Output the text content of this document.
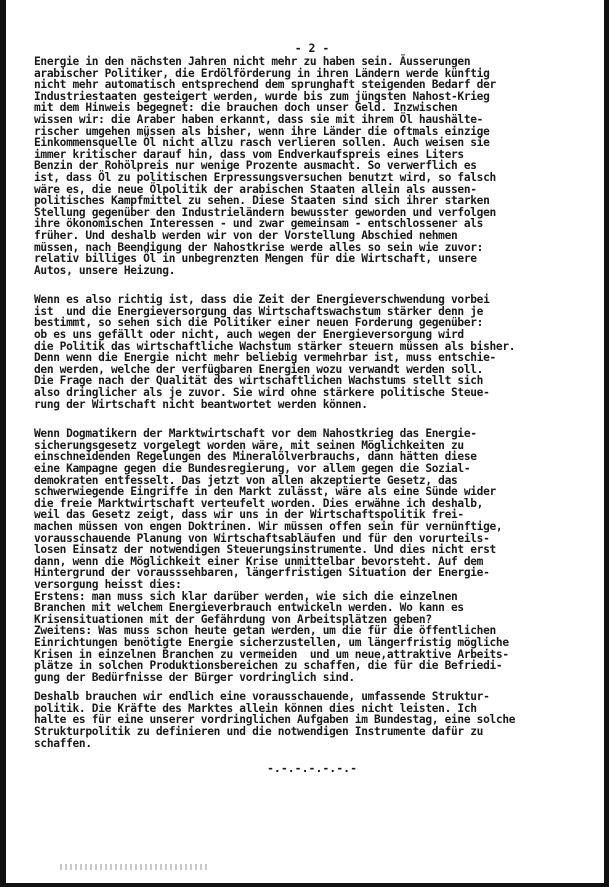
- 2 -
Energie in den nächsten Jahren nicht mehr zu haben sein. Äusserungen
arabischer Politiker, die Erdölförderung in ihren Ländern werde künftig
nicht mehr automatisch entsprechend dem sprunghaft steigenden Bedarf der
Industriestaaten gesteigert werden, wurde bis zum jüngsten Nahost-Krieg
mit dem Hinweis begegnet: die brauchen doch unser Geld. Inzwischen
wissen wir: die Araber haben erkannt, dass sie mit ihrem Öl haushälte-
rischer umgehen müssen als bisher, wenn ihre Länder die oftmals einzige
Einkommensquelle Öl nicht allzu rasch verlieren sollen. Auch weisen sie
immer kritischer darauf hin, dass vom Endverkaufspreis eines Liters
Benzin der Rohölpreis nur wenige Prozente ausmacht. So verwerflich es
ist, dass Öl zu politischen Erpressungsversuchen benutzt wird, so falsch
wäre es, die neue Ölpolitik der arabischen Staaten allein als aussen-
politisches Kampfmittel zu sehen. Diese Staaten sind sich ihrer starken
Stellung gegenüber den Industrieländern bewusster geworden und verfolgen
ihre ökonomischen Interessen - und zwar gemeinsam - entschlossener als
früher. Und deshalb werden wir von der Vorstellung Abschied nehmen
müssen, nach Beendigung der Nahostkrise werde alles so sein wie zuvor:
relativ billiges Öl in unbegrenzten Mengen für die Wirtschaft, unsere
Autos, unsere Heizung.
Wenn es also richtig ist, dass die Zeit der Energieverschwendung vorbei
ist  und die Energieversorgung das Wirtschaftswachstum stärker denn je
bestimmt, so sehen sich die Politiker einer neuen Forderung gegenüber:
ob es uns gefällt oder nicht, auch wegen der Energieversorgung wird
die Politik das wirtschaftliche Wachstum stärker steuern müssen als bisher.
Denn wenn die Energie nicht mehr beliebig vermehrbar ist, muss entschie-
den werden, welche der verfügbaren Energien wozu verwandt werden soll.
Die Frage nach der Qualität des wirtschaftlichen Wachstums stellt sich
also dringlicher als je zuvor. Sie wird ohne stärkere politische Steue-
rung der Wirtschaft nicht beantwortet werden können.
Wenn Dogmatikern der Marktwirtschaft vor dem Nahostkrieg das Energie-
sicherungsgesetz vorgelegt worden wäre, mit seinen Möglichkeiten zu
einschneidenden Regelungen des Mineralölverbrauchs, dann hätten diese
eine Kampagne gegen die Bundesregierung, vor allem gegen die Sozial-
demokraten entfesselt. Das jetzt von allen akzeptierte Gesetz, das
schwerwiegende Eingriffe in den Markt zulässt, wäre als eine Sünde wider
die freie Marktwirtschaft verteufelt worden. Dies erwähne ich deshalb,
weil das Gesetz zeigt, dass wir uns in der Wirtschaftspolitik frei-
machen müssen von engen Doktrinen. Wir müssen offen sein für vernünftige,
vorausschauende Planung von Wirtschaftsabläufen und für den vorurteils-
losen Einsatz der notwendigen Steuerungsinstrumente. Und dies nicht erst
dann, wenn die Möglichkeit einer Krise unmittelbar bevorsteht. Auf dem
Hintergrund der vorausssehbaren, längerfristigen Situation der Energie-
versorgung heisst dies:
Erstens: man muss sich klar darüber werden, wie sich die einzelnen
Branchen mit welchem Energieverbrauch entwickeln werden. Wo kann es
Krisensituationen mit der Gefährdung von Arbeitsplätzen geben?
Zweitens: Was muss schon heute getan werden, um die für die öffentlichen
Einrichtungen benötigte Energie sicherzustellen, um längerfristig mögliche
Krisen in einzelnen Branchen zu vermeiden  und um neue,attraktive Arbeits-
plätze in solchen Produktionsbereichen zu schaffen, die für die Befriedi-
gung der Bedürfnisse der Bürger vordringlich sind.
Deshalb brauchen wir endlich eine vorausschauende, umfassende Struktur-
politik. Die Kräfte des Marktes allein können dies nicht leisten. Ich
halte es für eine unserer vordringlichen Aufgaben im Bundestag, eine solche
Strukturpolitik zu definieren und die notwendigen Instrumente dafür zu
schaffen.
-.-.-.-.-.-.-
